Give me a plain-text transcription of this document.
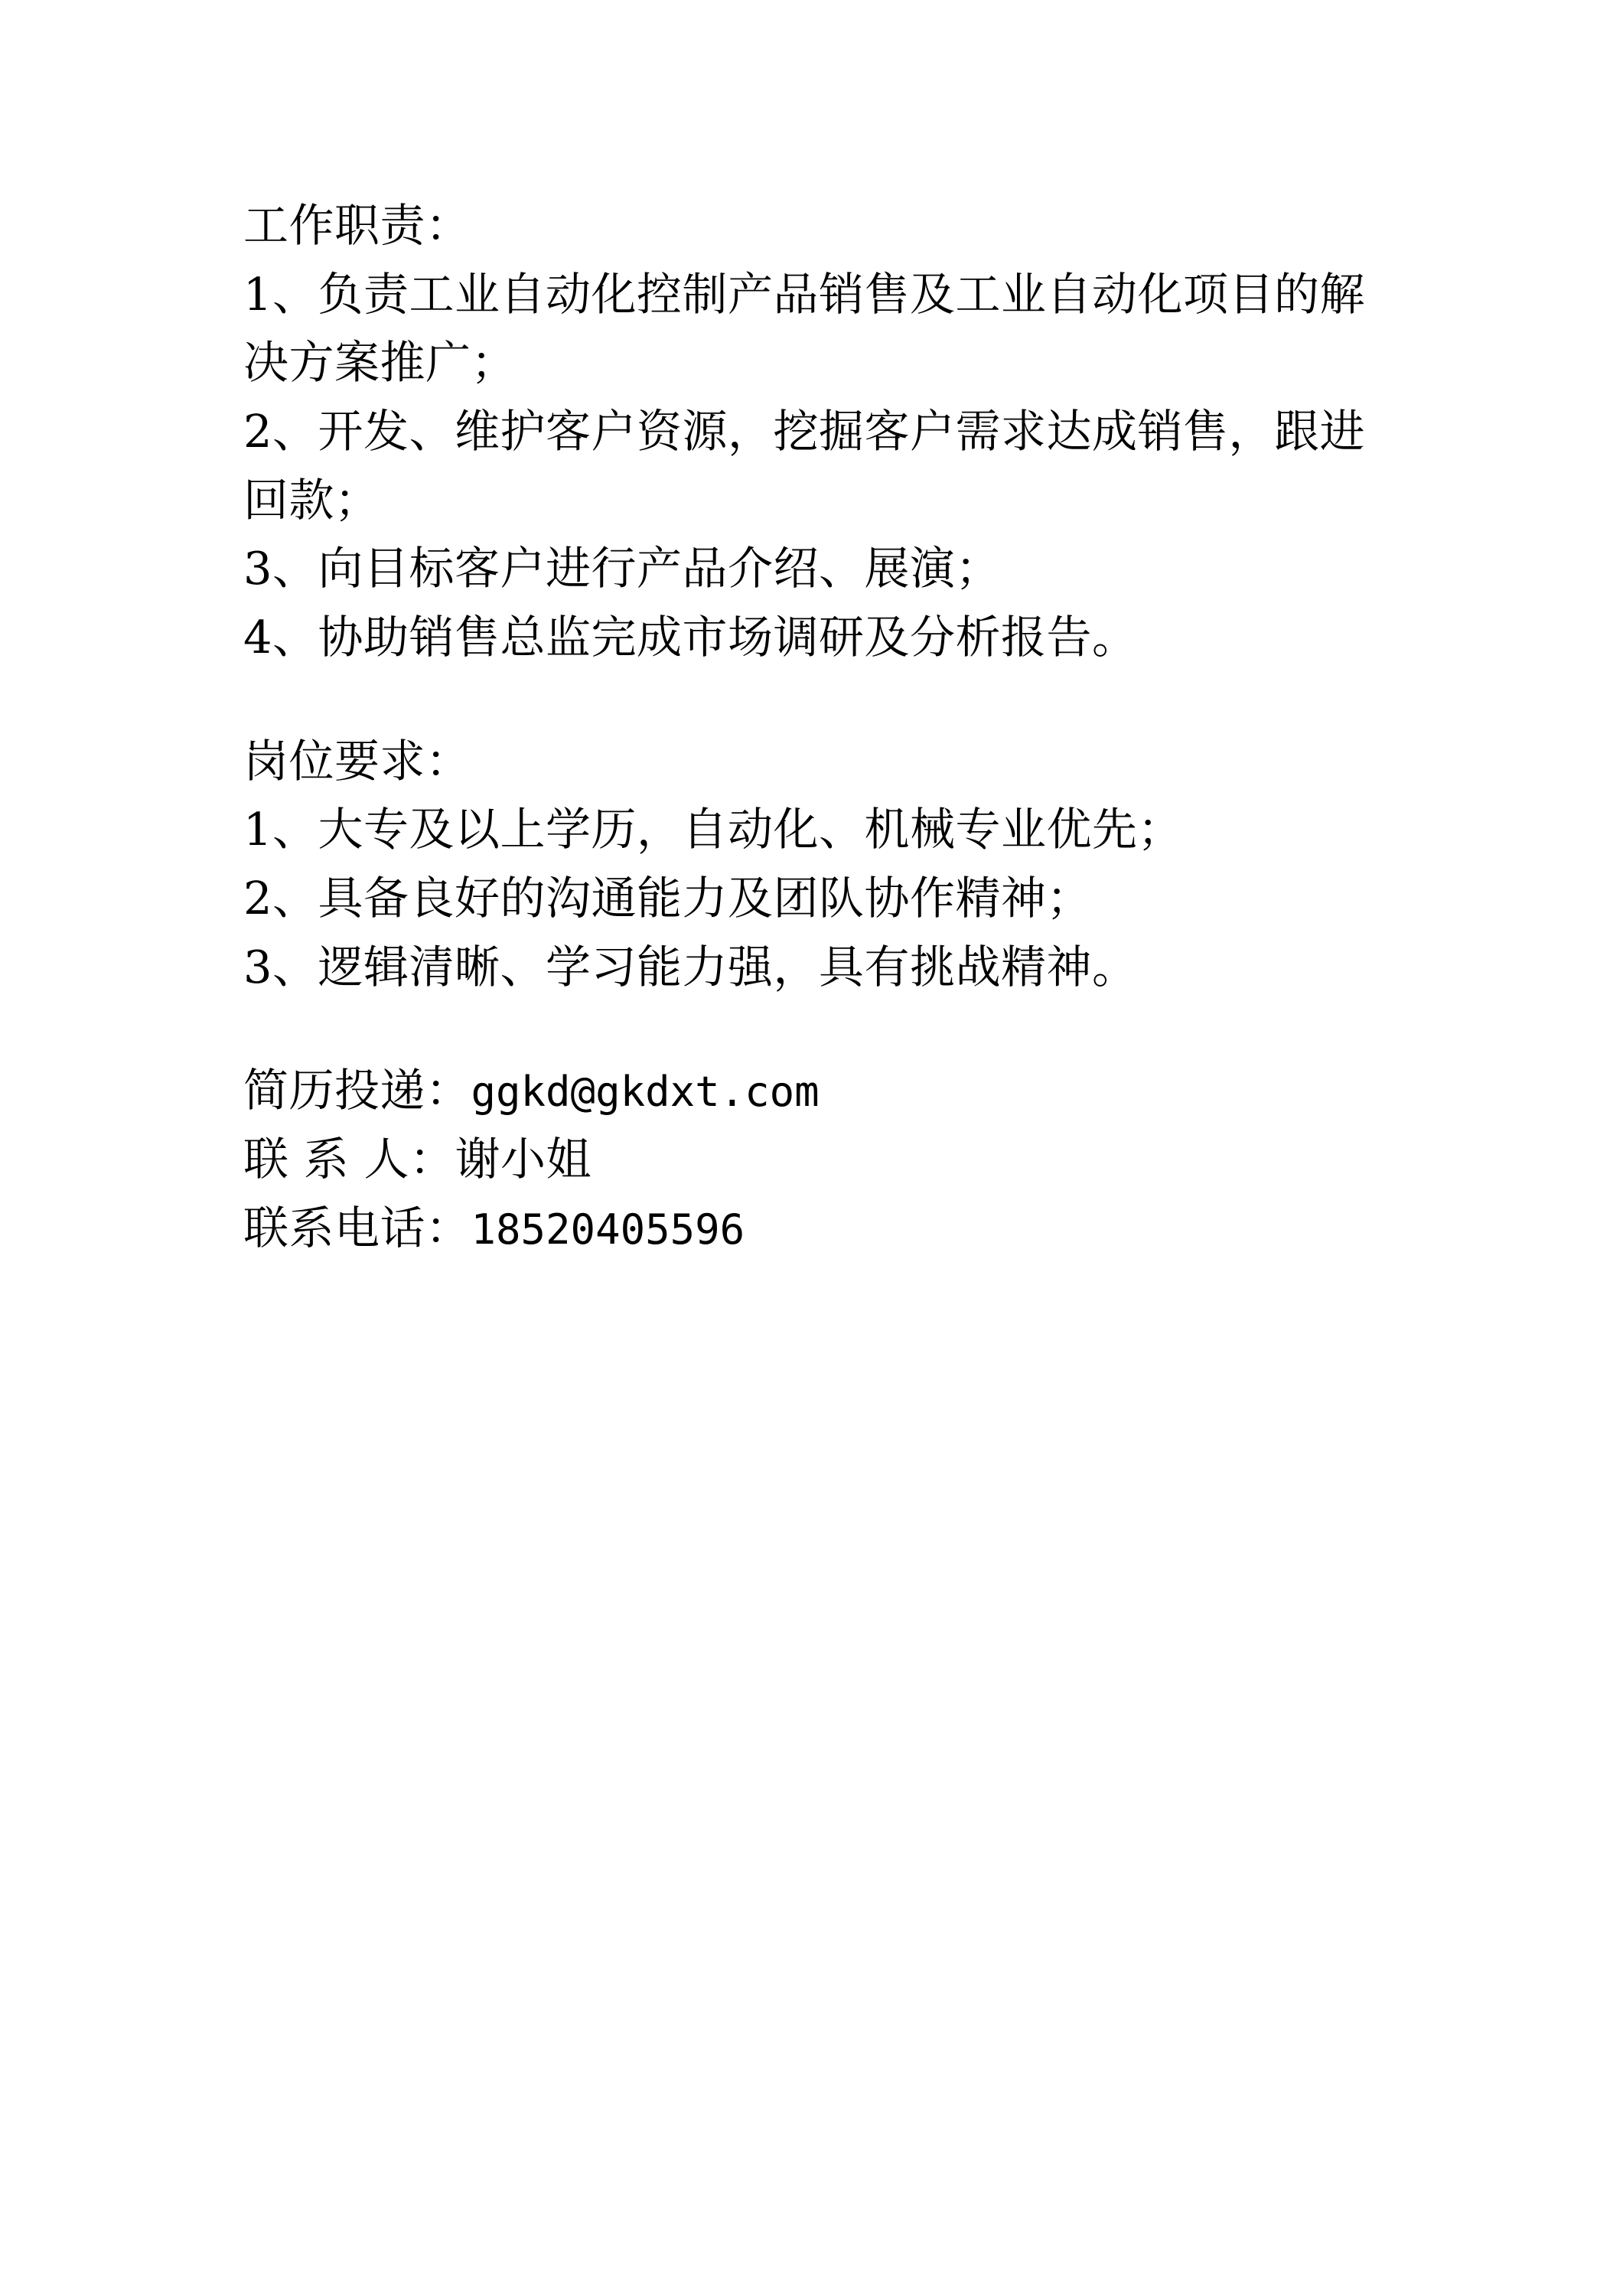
工作职责：

1、负责工业自动化控制产品销售及工业自动化项目的解决方案推广；

2、开发、维护客户资源，挖掘客户需求达成销售，跟进回款；

3、向目标客户进行产品介绍、展演；

4、协助销售总监完成市场调研及分析报告。

岗位要求：

1、大专及以上学历，自动化、机械专业优先；

2、具备良好的沟通能力及团队协作精神；

3、逻辑清晰、学习能力强，具有挑战精神。

简历投递：ggkd@gkdxt.com

联 系 人：谢小姐

联系电话：18520405596
